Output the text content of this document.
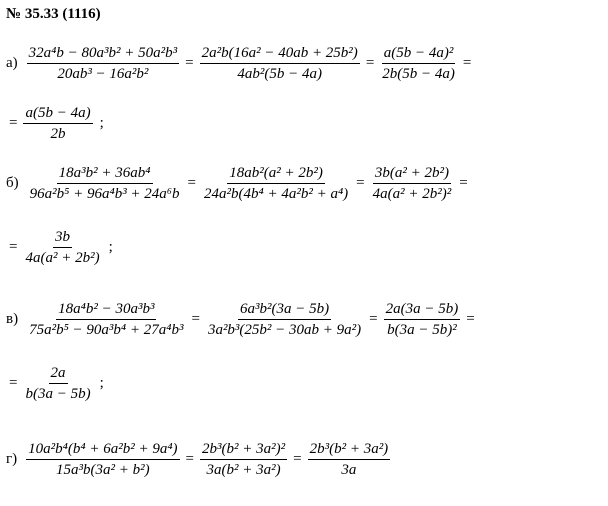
№ 35.33 (1116)
$а) \frac{\text{32a⁴b − 80a³b² + 50a²b³}}{\text{20ab³ − 16a²b²}} = \frac{\text{2a²b(16a² − 40ab + 25b²)}}{\text{4ab²(5b − 4a)}} = \frac{\text{a(5b − 4a)²}}{2b(5b - 4a)}$ =
= $\frac{a(5b - 4a)}{2b}$ ;
$б) \frac{\text{18a³b² + 36ab⁴}}{\text{96a²b⁵ + 96a⁴b³ + 24a⁶b}} = \frac{\text{18ab²(a² + 2b²)}}{\text{24a²b(4b⁴ + 4a²b² + a⁴)}} = \frac{\text{3b(a² + 2b²)}}{\text{4a(a² + 2b²)²}}$ =
= $\frac{3b}{\text{4a(a² + 2b²)}}$ ;
$в) \frac{\text{18a⁴b² − 30a³b³}}{\text{75a²b⁵ − 90a³b⁴ + 27a⁴b³}} = \frac{\text{6a³b²(3a − 5b)}}{\text{3a²b³(25b² − 30ab + 9a²)}} = \frac{2a(3a - 5b)}{\text{b(3a − 5b)²}}$ =
= $\frac{2a}{b(3a - 5b)}$ ;
$г) \frac{\text{10a²b⁴(b⁴ + 6a²b² + 9a⁴)}}{\text{15a³b(3a² + b²)}} = \frac{\text{2b³(b² + 3a²)²}}{\text{3a(b² + 3a²)}} = \frac{\text{2b³(b² + 3a²)}}{3a}$
